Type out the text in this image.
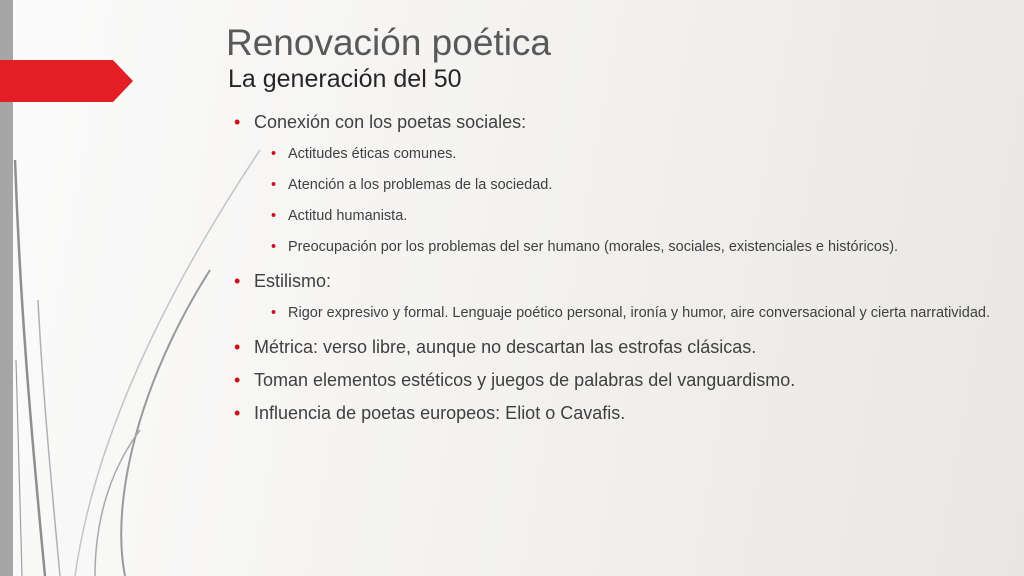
Renovación poética
La generación del 50
• Conexión con los poetas sociales:
• Actitudes éticas comunes.
• Atención a los problemas de la sociedad.
• Actitud humanista.
• Preocupación por los problemas del ser humano (morales, sociales, existenciales e históricos).
• Estilismo:
• Rigor expresivo y formal. Lenguaje poético personal, ironía y humor, aire conversacional y cierta narratividad.
• Métrica: verso libre, aunque no descartan las estrofas clásicas.
• Toman elementos estéticos y juegos de palabras del vanguardismo.
• Influencia de poetas europeos: Eliot o Cavafis.
